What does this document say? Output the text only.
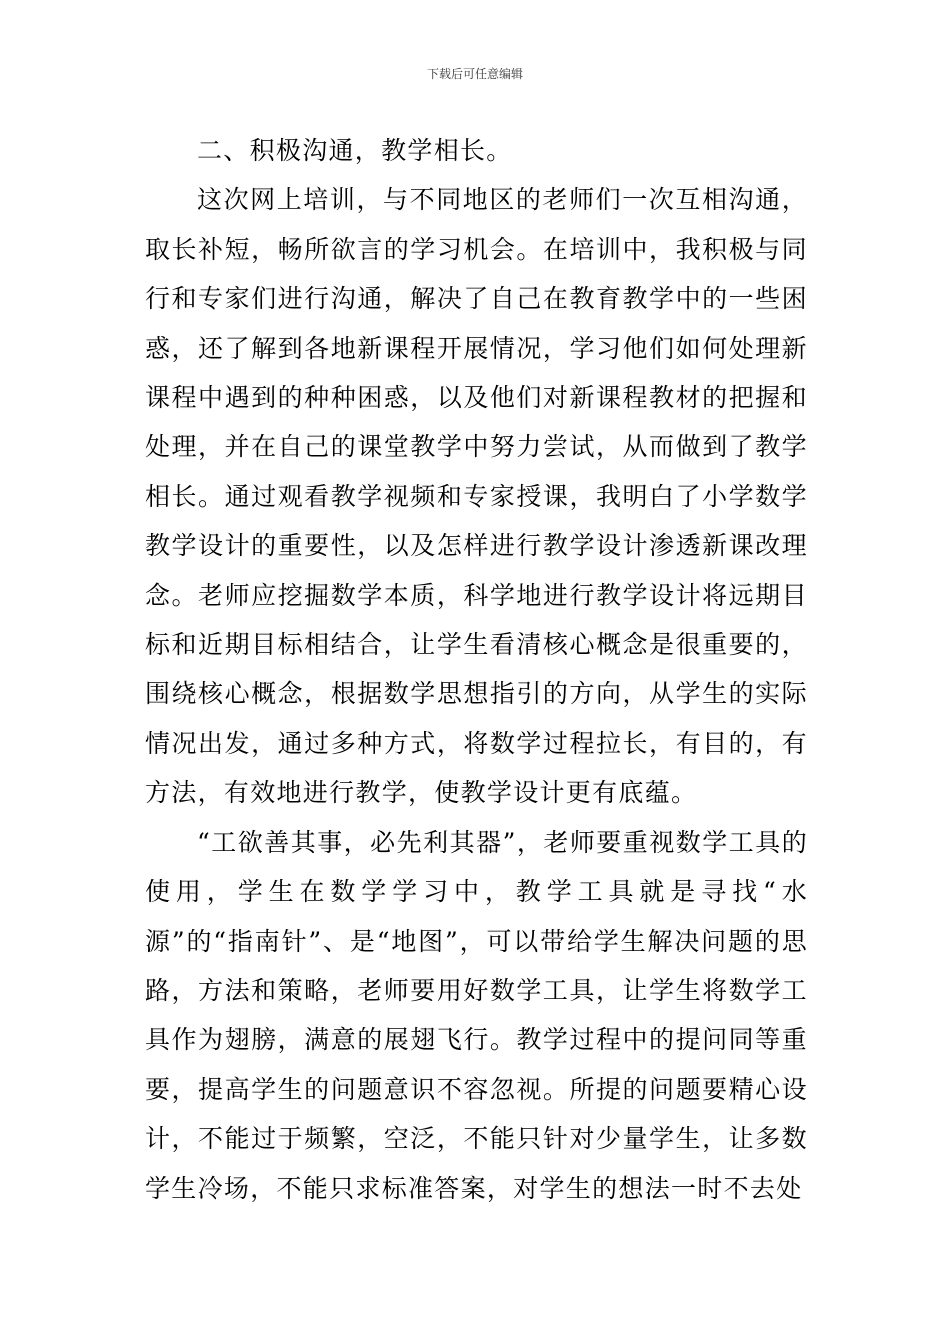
下载后可任意编辑

二、积极沟通，教学相长。

这次网上培训，与不同地区的老师们一次互相沟通，取长补短，畅所欲言的学习机会。在培训中，我积极与同行和专家们进行沟通，解决了自己在教育教学中的一些困惑，还了解到各地新课程开展情况，学习他们如何处理新课程中遇到的种种困惑，以及他们对新课程教材的把握和处理，并在自己的课堂教学中努力尝试，从而做到了教学相长。通过观看教学视频和专家授课，我明白了小学数学教学设计的重要性，以及怎样进行教学设计渗透新课改理念。老师应挖掘数学本质，科学地进行教学设计将远期目标和近期目标相结合，让学生看清核心概念是很重要的，围绕核心概念，根据数学思想指引的方向，从学生的实际情况出发，通过多种方式，将数学过程拉长，有目的，有方法，有效地进行教学，使教学设计更有底蕴。

“工欲善其事，必先利其器”，老师要重视数学工具的使用，学生在数学学习中，教学工具就是寻找“水源”的“指南针”、是“地图”，可以带给学生解决问题的思路，方法和策略，老师要用好数学工具，让学生将数学工具作为翅膀，满意的展翅飞行。教学过程中的提问同等重要，提高学生的问题意识不容忽视。所提的问题要精心设计，不能过于频繁，空泛，不能只针对少量学生，让多数学生冷场，不能只求标准答案，对学生的想法一时不去处
